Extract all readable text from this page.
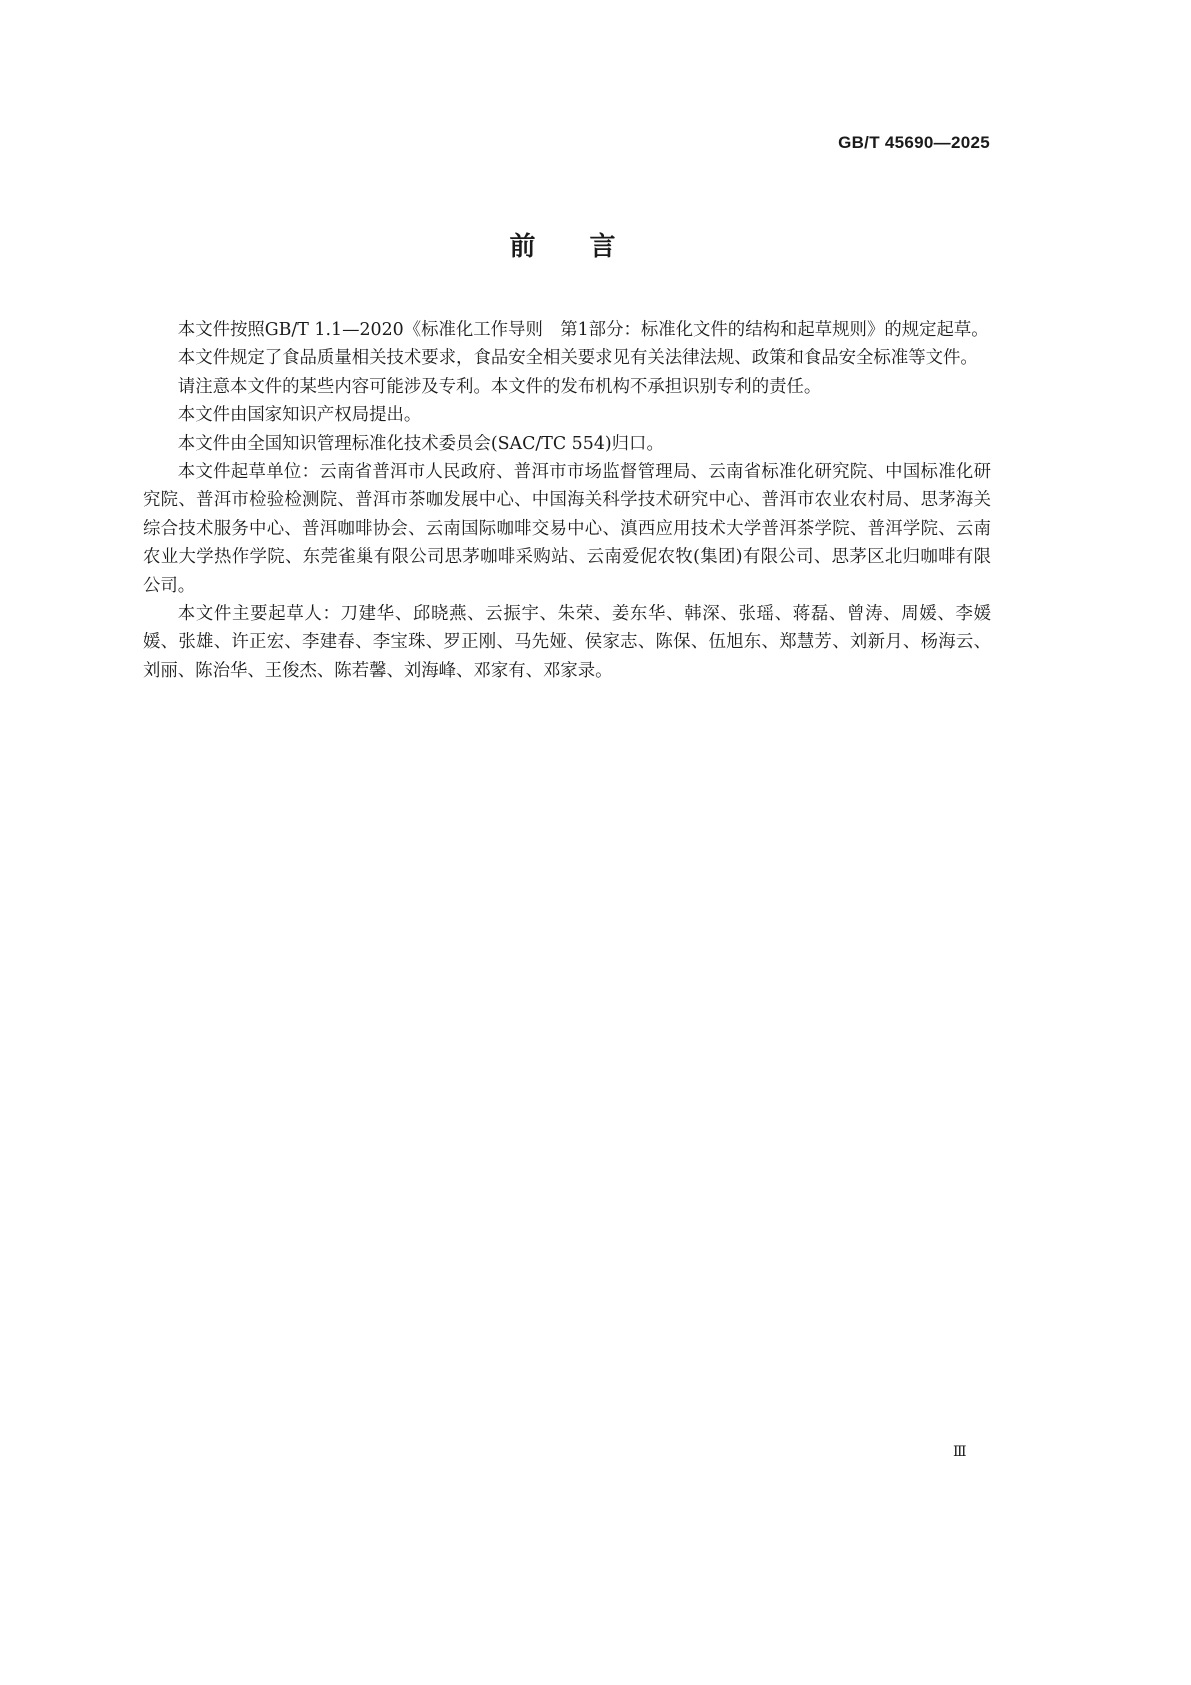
GB/T 45690—2025
前言

本文件按照GB/T 1.1—2020《标准化工作导则　第1部分：标准化文件的结构和起草规则》的规定起草。

本文件规定了食品质量相关技术要求，食品安全相关要求见有关法律法规、政策和食品安全标准等文件。

请注意本文件的某些内容可能涉及专利。本文件的发布机构不承担识别专利的责任。

本文件由国家知识产权局提出。

本文件由全国知识管理标准化技术委员会(SAC/TC 554)归口。

本文件起草单位：云南省普洱市人民政府、普洱市市场监督管理局、云南省标准化研究院、中国标准化研究院、普洱市检验检测院、普洱市茶咖发展中心、中国海关科学技术研究中心、普洱市农业农村局、思茅海关综合技术服务中心、普洱咖啡协会、云南国际咖啡交易中心、滇西应用技术大学普洱茶学院、普洱学院、云南农业大学热作学院、东莞雀巢有限公司思茅咖啡采购站、云南爱伲农牧(集团)有限公司、思茅区北归咖啡有限公司。

本文件主要起草人：刀建华、邱晓燕、云振宇、朱荣、姜东华、韩深、张瑶、蒋磊、曾涛、周媛、李媛媛、张雄、许正宏、李建春、李宝珠、罗正刚、马先娅、侯家志、陈保、伍旭东、郑慧芳、刘新月、杨海云、刘丽、陈治华、王俊杰、陈若馨、刘海峰、邓家有、邓家录。

Ⅲ
